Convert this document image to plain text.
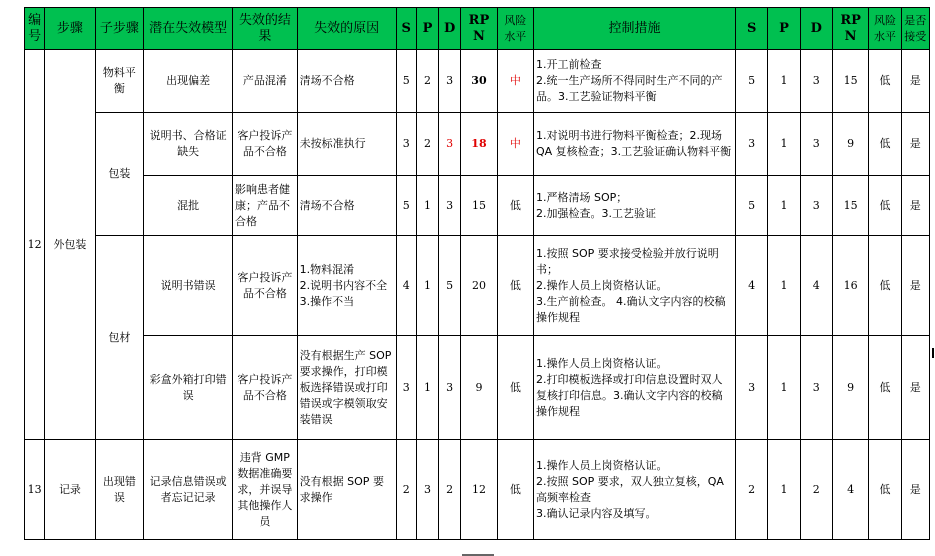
编号	步骤	子步骤	潜在失效模型	失效的结果	失效的原因	S	P	D	RPN	风险水平	控制措施	S	P	D	RPN	风险水平	是否接受
12	外包装	物料平衡	出现偏差	产品混淆	清场不合格	5	2	3	30	中	1.开工前检查
2.统一生产场所不得同时生产不同的产品。3.工艺验证物料平衡	5	1	3	15	低	是
		包装	说明书、合格证缺失	客户投诉产品不合格	未按标准执行	3	2	3	18	中	1.对说明书进行物料平衡检查；2.现场 QA 复核检查；3.工艺验证确认物料平衡	3	1	3	9	低	是
			混批	影响患者健康；产品不合格	清场不合格	5	1	3	15	低	1.严格清场 SOP；
2.加强检查。3.工艺验证	5	1	3	15	低	是
		包材	说明书错误	客户投诉产品不合格	1.物料混淆
2.说明书内容不全
3.操作不当	4	1	5	20	低	1.按照 SOP 要求接受检验并放行说明书；
2.操作人员上岗资格认证。
3.生产前检查。 4.确认文字内容的校稿操作规程	4	1	4	16	低	是
			彩盒外箱打印错误	客户投诉产品不合格	没有根据生产 SOP 要求操作，打印模板选择错误或打印错误或字模领取安装错误	3	1	3	9	低	1.操作人员上岗资格认证。
2.打印模板选择或打印信息设置时双人复核打印信息。3.确认文字内容的校稿操作规程	3	1	3	9	低	是
13	记录	出现错误	记录信息错误或者忘记记录	违背 GMP 数据准确要求，并误导其他操作人员	没有根据 SOP 要求操作	2	3	2	12	低	1.操作人员上岗资格认证。
2.按照 SOP 要求，双人独立复核，QA 高频率检查
3.确认记录内容及填写。	2	1	2	4	低	是
